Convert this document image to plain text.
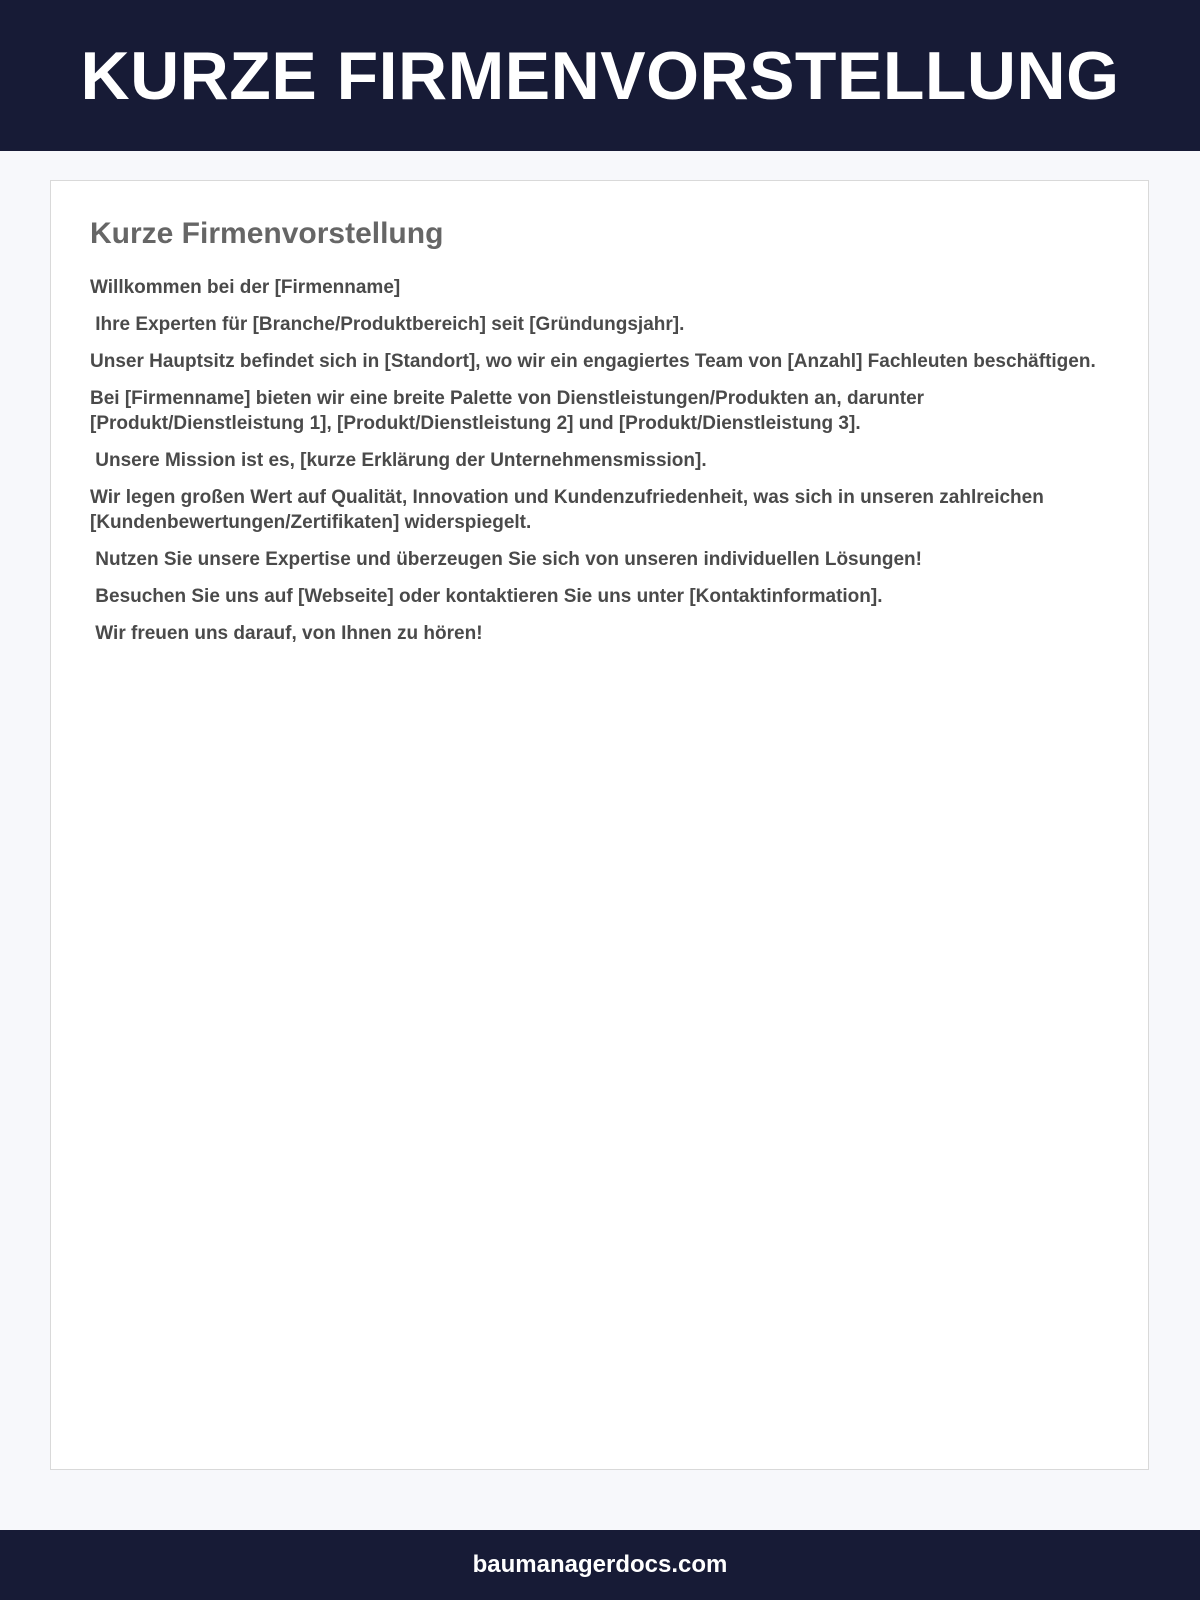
KURZE FIRMENVORSTELLUNG
Kurze Firmenvorstellung

Willkommen bei der [Firmenname]

Ihre Experten für [Branche/Produktbereich] seit [Gründungsjahr].

Unser Hauptsitz befindet sich in [Standort], wo wir ein engagiertes Team von [Anzahl] Fachleuten beschäftigen.

Bei [Firmenname] bieten wir eine breite Palette von Dienstleistungen/Produkten an, darunter [Produkt/Dienstleistung 1], [Produkt/Dienstleistung 2] und [Produkt/Dienstleistung 3].

Unsere Mission ist es, [kurze Erklärung der Unternehmensmission].

Wir legen großen Wert auf Qualität, Innovation und Kundenzufriedenheit, was sich in unseren zahlreichen [Kundenbewertungen/Zertifikaten] widerspiegelt.

Nutzen Sie unsere Expertise und überzeugen Sie sich von unseren individuellen Lösungen!

Besuchen Sie uns auf [Webseite] oder kontaktieren Sie uns unter [Kontaktinformation].

Wir freuen uns darauf, von Ihnen zu hören!

baumanagerdocs.com
